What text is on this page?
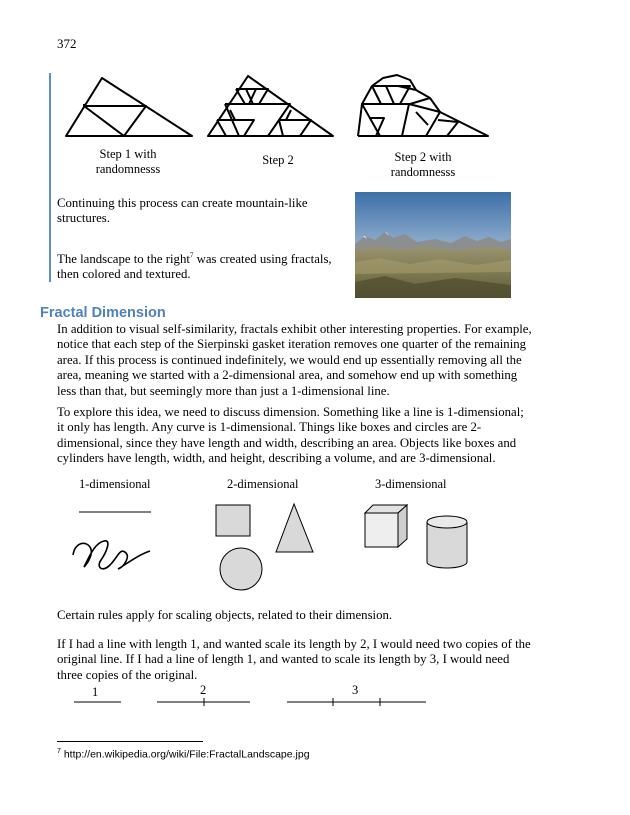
372
Step 1 with
randomnesss
Step 2	Step 2 with
randomnesss
Continuing this process can create mountain-like
structures.
The landscape to the right$^7$ was created using fractals,
then colored and textured.
Fractal Dimension
In addition to visual self-similarity, fractals exhibit other interesting properties. For example,
notice that each step of the Sierpinski gasket iteration removes one quarter of the remaining
area. If this process is continued indefinitely, we would end up essentially removing all the
area, meaning we started with a 2-dimensional area, and somehow end up with something
less than that, but seemingly more than just a 1-dimensional line.
To explore this idea, we need to discuss dimension. Something like a line is 1-dimensional;
it only has length. Any curve is 1-dimensional. Things like boxes and circles are 2-
dimensional, since they have length and width, describing an area. Objects like boxes and
cylinders have length, width, and height, describing a volume, and are 3-dimensional.
1-dimensional	2-dimensional	3-dimensional
Certain rules apply for scaling objects, related to their dimension.
If I had a line with length 1, and wanted scale its length by 2, I would need two copies of the
original line. If I had a line of length 1, and wanted to scale its length by 3, I would need
three copies of the original.
1	2	3
$^7$ http://en.wikipedia.org/wiki/File:FractalLandscape.jpg
